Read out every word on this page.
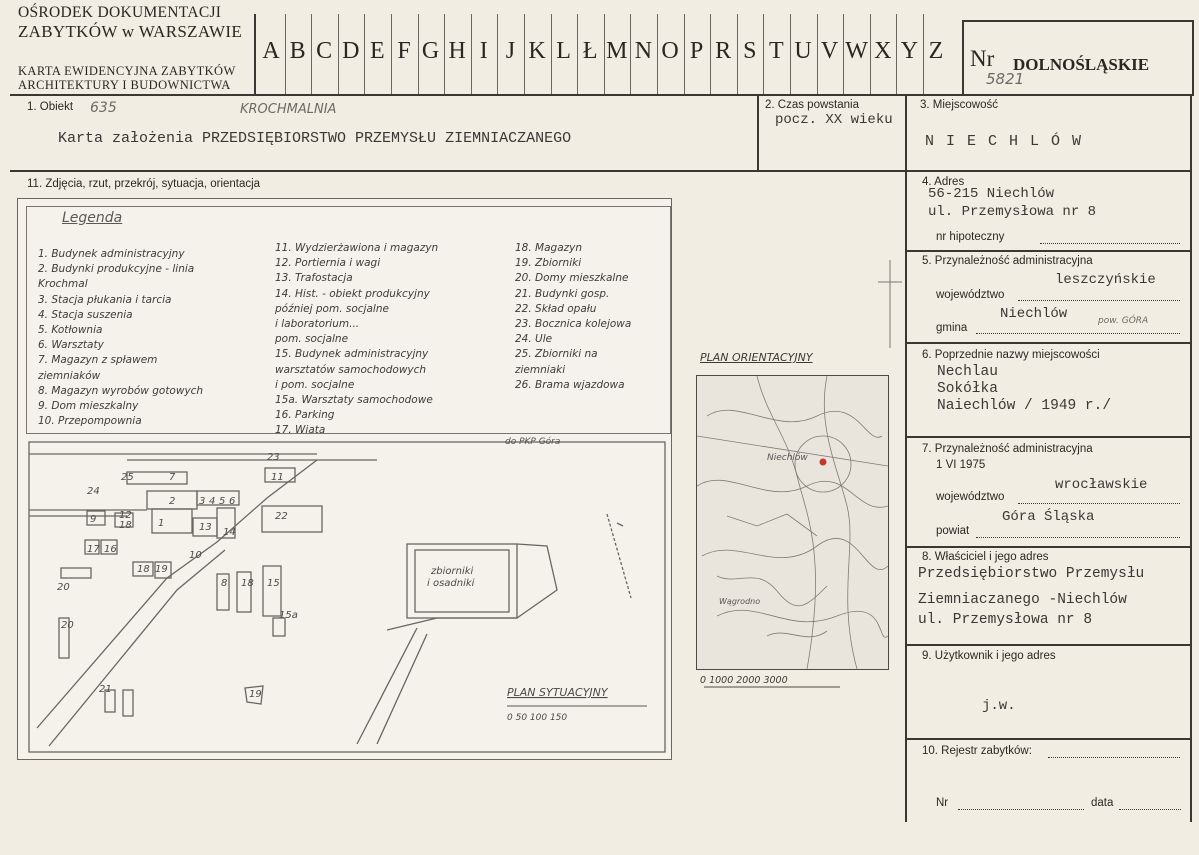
OŚRODEK DOKUMENTACJI
ZABYTKÓW w WARSZAWIE
KARTA EWIDENCYJNA ZABYTKÓW
ARCHITEKTURY I BUDOWNICTWA
A B C D E F G H I J K L Ł M N O P R S T U V W X Y Z Nr DOLNOŚLĄSKIE
5821
1. Obiekt 635	KROCHMALNIA
Karta założenia PRZEDSIĘBIORSTWO PRZEMYSŁU ZIEMNIACZANEGO
2. Czas powstania
pocz. XX wieku
3. Miejscowość
NIECHLÓW
11. Zdjęcia, rzut, przekrój, sytuacja, orientacja	4. Adres
56-215 Niechlów
ul. Przemysłowa nr 8
nr hipoteczny
5. Przynależność administracyjna
województwo
leszczyńskie
gmina
Niechlów	pow. GÓRA
6. Poprzednie nazwy miejscowości
Nechlau
Sokółka
Naiechlów / 1949 r./
7. Przynależność administracyjna
1 VI 1975
województwo
wrocławskie
powiat
Góra Śląska
8. Właściciel i jego adres
Przedsiębiorstwo Przemysłu
Ziemniaczanego -Niechlów
ul. Przemysłowa nr 8
9. Użytkownik i jego adres
j.w.
10. Rejestr zabytków:
Nr	data
Legenda
1. Budynek administracyjny
2. Budynki produkcyjne - linia
Krochmal
3. Stacja płukania i tarcia
4. Stacja suszenia
5. Kotłownia
6. Warsztaty
7. Magazyn z spławem
ziemniaków
8. Magazyn wyrobów gotowych
9. Dom mieszkalny
10. Przepompownia
11. Wydzierżawiona i magazyn
12. Portiernia i wagi
13. Trafostacja
14. Hist. - obiekt produkcyjny
później pom. socjalne
i laboratorium...
pom. socjalne
15. Budynek administracyjny
warsztatów samochodowych
i pom. socjalne
15a. Warsztaty samochodowe
16. Parking
17. Wiata
18. Magazyn
19. Zbiorniki
20. Domy mieszkalne
21. Budynki gosp.
22. Skład opału
23. Bocznica kolejowa
24. Ule
25. Zbiorniki na
ziemniaki
26. Brama wjazdowa
25	7	11
23
24
2 3 4 5 6
9 12
18	1	13 14
22
17 16
18 19
10
8 18 15
15a
20
20
21	19
zbiorniki
i osadniki
PLAN SYTUACYJNY
0 50 100 150
do PKP Góra
PLAN ORIENTACYJNY
Niechlów
Wągrodno
0 1000 2000 3000
